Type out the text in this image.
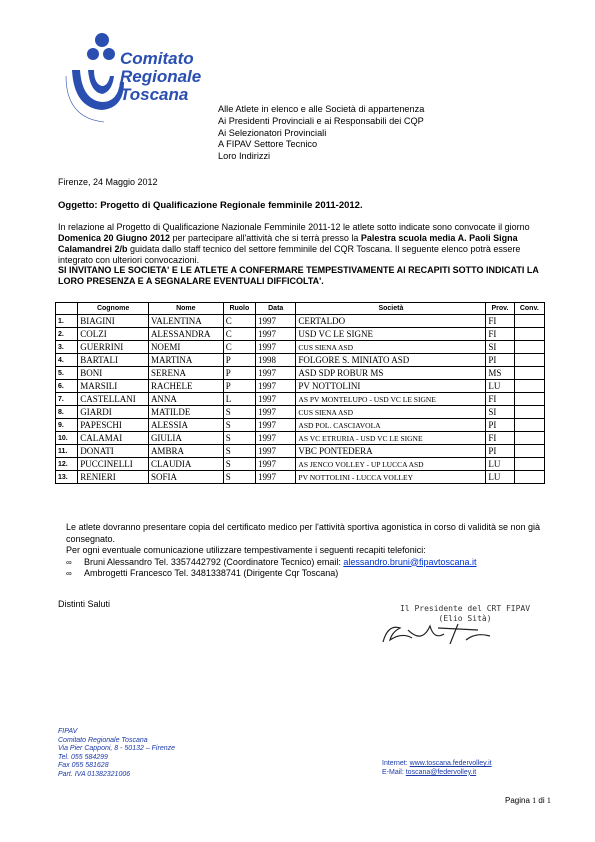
Comitato
Regionale
Toscana
Alle Atlete in elenco e alle Società di appartenenza
Ai Presidenti Provinciali e ai Responsabili dei CQP
Ai Selezionatori Provinciali
A FIPAV Settore Tecnico
Loro Indirizzi
Firenze, 24 Maggio 2012
Oggetto: Progetto di Qualificazione Regionale femminile 2011-2012.
In relazione al Progetto di Qualificazione Nazionale Femminile 2011-12 le atlete sotto indicate sono convocate il giorno Domenica 20 Giugno 2012 per partecipare all'attività che si terrà presso la Palestra scuola media A. Paoli Signa Calamandrei 2/b guidata dallo staff tecnico del settore femminile del CQR Toscana. Il seguente elenco potrà essere integrato con ulteriori convocazioni.
SI INVITANO LE SOCIETA' E LE ATLETE A CONFERMARE TEMPESTIVAMENTE AI RECAPITI SOTTO INDICATI LA LORO PRESENZA E A SEGNALARE EVENTUALI DIFFICOLTA'.
	Cognome	Nome	Ruolo	Data	Società	Prov.	Conv.
1.	BIAGINI	VALENTINA	C	1997	CERTALDO	FI	
2.	COLZI	ALESSANDRA	C	1997	USD VC LE SIGNE	FI	
3.	GUERRINI	NOEMI	C	1997	CUS SIENA ASD	SI	
4.	BARTALI	MARTINA	P	1998	FOLGORE S. MINIATO ASD	PI	
5.	BONI	SERENA	P	1997	ASD SDP ROBUR MS	MS	
6.	MARSILI	RACHELE	P	1997	PV NOTTOLINI	LU	
7.	CASTELLANI	ANNA	L	1997	AS PV MONTELUPO - USD VC LE SIGNE	FI	
8.	GIARDI	MATILDE	S	1997	CUS SIENA ASD	SI	
9.	PAPESCHI	ALESSIA	S	1997	ASD POL. CASCIAVOLA	PI	
10.	CALAMAI	GIULIA	S	1997	AS VC ETRURIA - USD VC LE SIGNE	FI	
11.	DONATI	AMBRA	S	1997	VBC PONTEDERA	PI	
12.	PUCCINELLI	CLAUDIA	S	1997	AS JENCO VOLLEY - UP LUCCA ASD	LU	
13.	RENIERI	SOFIA	S	1997	PV NOTTOLINI - LUCCA VOLLEY	LU	
Le atlete dovranno presentare copia del certificato medico per l'attività sportiva agonistica in corso di validità se non già consegnato.
Per ogni eventuale comunicazione utilizzare tempestivamente i seguenti recapiti telefonici:
∞ Bruni Alessandro Tel. 3357442792 (Coordinatore Tecnico) email: alessandro.bruni@fipavtoscana.it
∞ Ambrogetti Francesco Tel. 3481338741 (Dirigente Cqr Toscana)
Distinti Saluti	Il Presidente del CRT FIPAV
(Elio Sità)
FIPAV
Comitato Regionale Toscana
Via Pier Capponi, 8 - 50132 – Firenze
Tel. 055 584299
Fax 055 581628
Part. IVA 01382321006
Internet: www.toscana.federvolley.it
E-Mail: toscana@federvolley.it
Pagina 1 di 1
